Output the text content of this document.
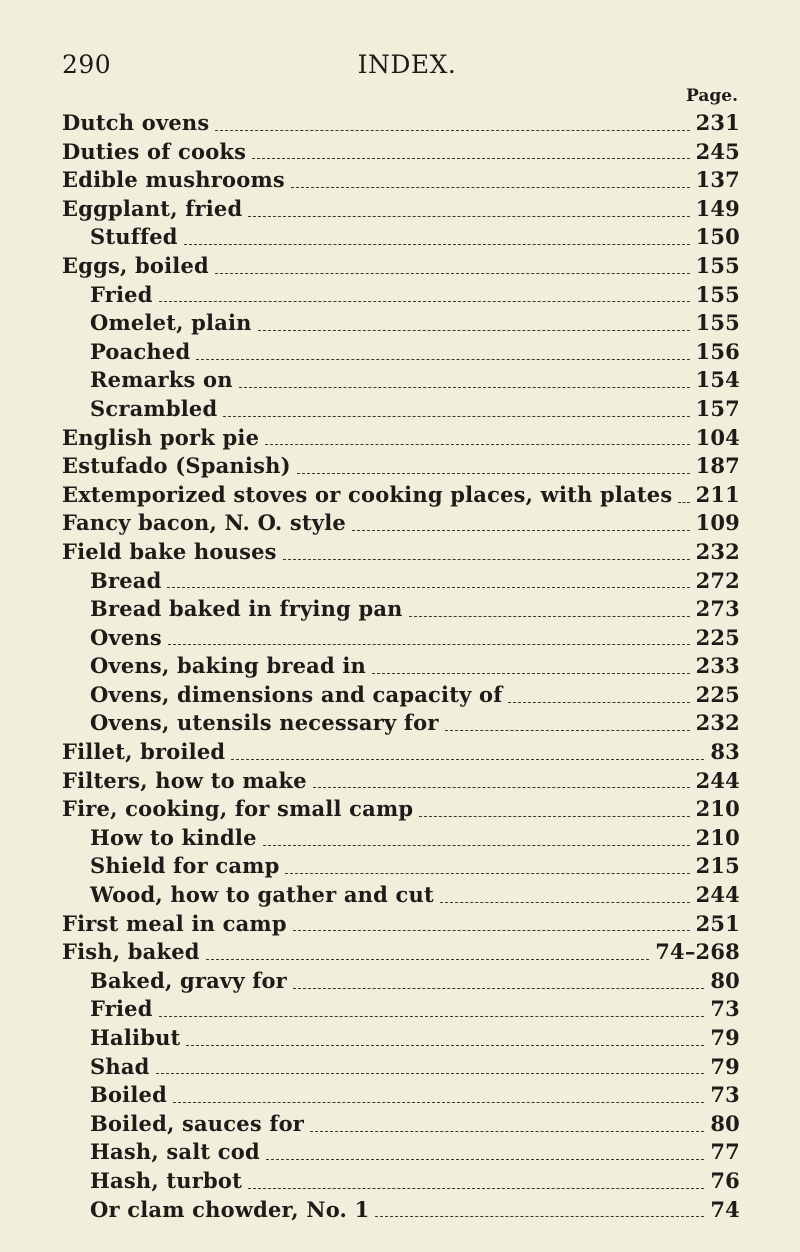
290	INDEX.
Page.
Dutch ovens	231
Duties of cooks	245
Edible mushrooms	137
Eggplant, fried	149
Stuffed	150
Eggs, boiled	155
Fried	155
Omelet, plain	155
Poached	156
Remarks on	154
Scrambled	157
English pork pie	104
Estufado (Spanish)	187
Extemporized stoves or cooking places, with plates 211
Fancy bacon, N. O. style	109
Field bake houses	232
Bread	272
Bread baked in frying pan	273
Ovens	225
Ovens, baking bread in	233
Ovens, dimensions and capacity of	225
Ovens, utensils necessary for	232
Fillet, broiled	83
Filters, how to make	244
Fire, cooking, for small camp	210
How to kindle	210
Shield for camp	215
Wood, how to gather and cut	244
First meal in camp	251
Fish, baked	74–268
Baked, gravy for	80
Fried	73
Halibut	79
Shad	79
Boiled	73
Boiled, sauces for	80
Hash, salt cod	77
Hash, turbot	76
Or clam chowder, No. 1	74
